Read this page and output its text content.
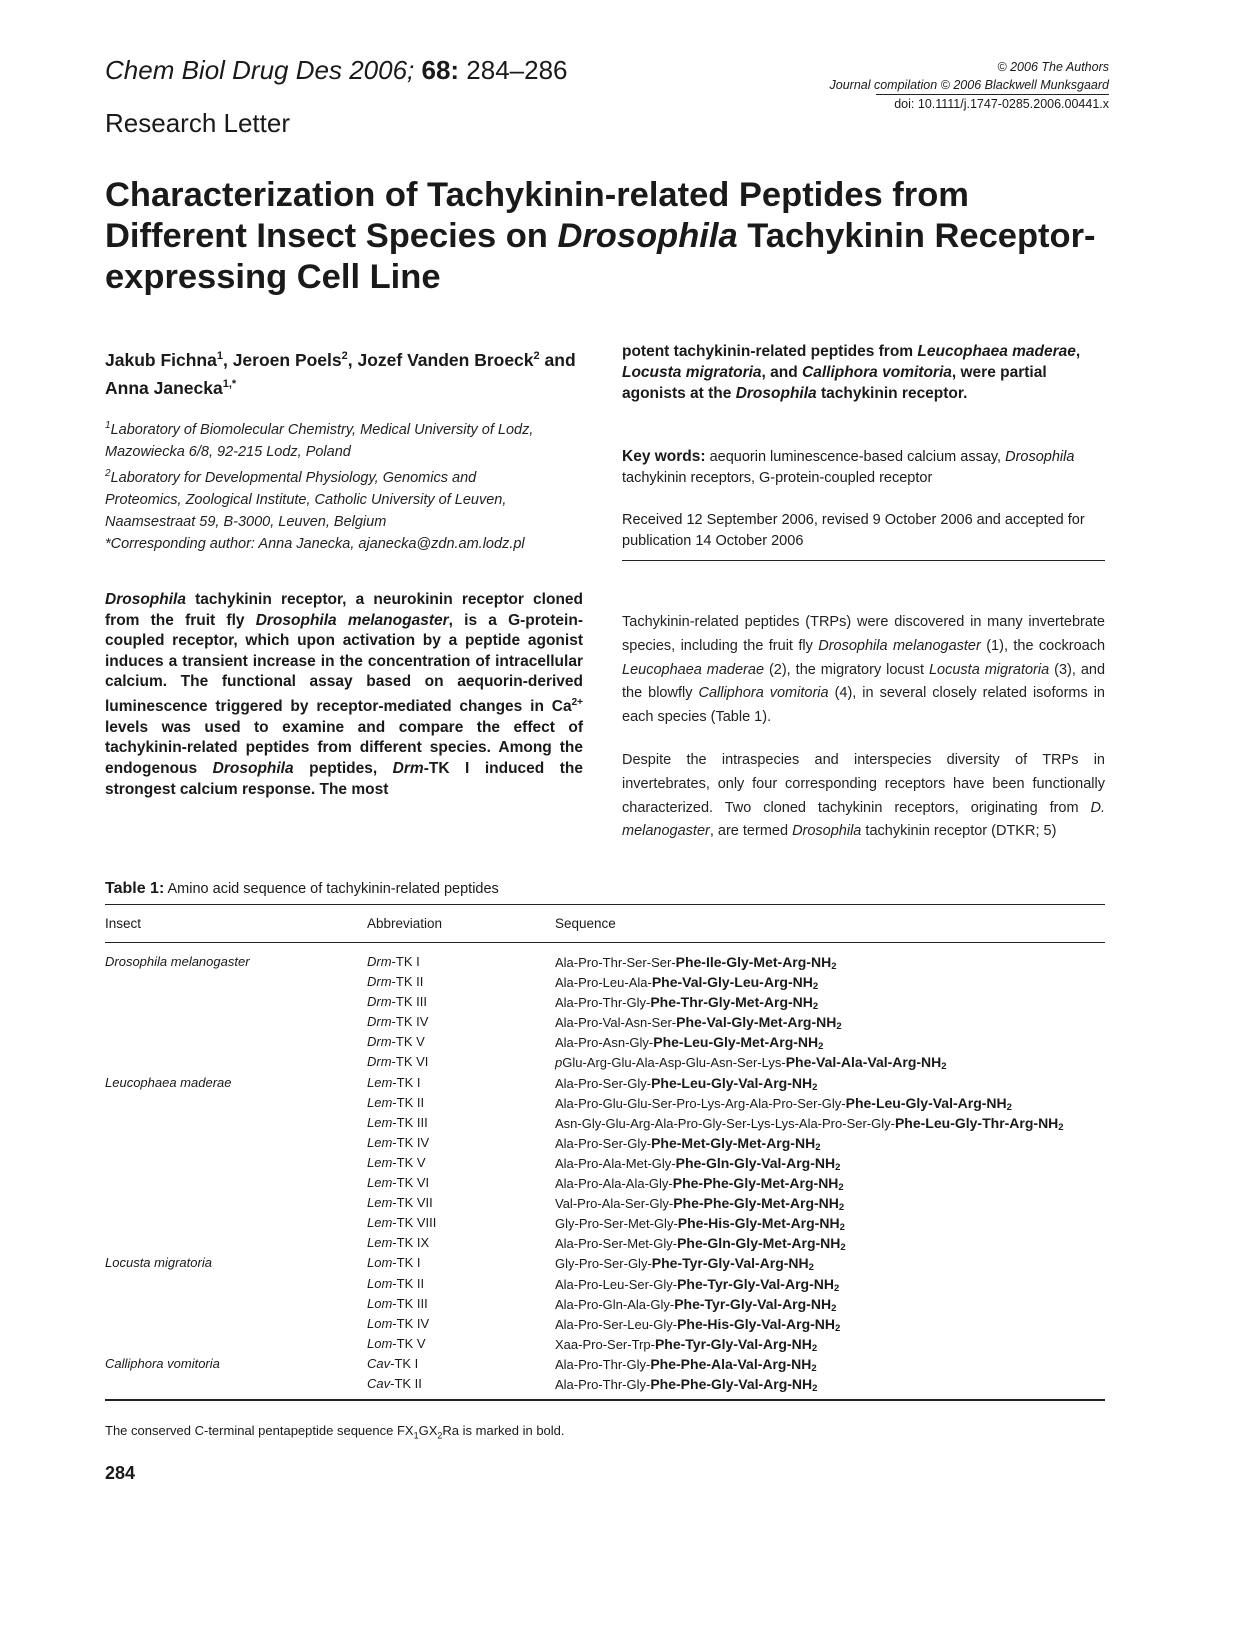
Chem Biol Drug Des 2006; 68: 284–286
Research Letter
© 2006 The Authors
Journal compilation © 2006 Blackwell Munksgaard
doi: 10.1111/j.1747-0285.2006.00441.x
Characterization of Tachykinin-related Peptides from Different Insect Species on Drosophila Tachykinin Receptor-expressing Cell Line
Jakub Fichna$^1$, Jeroen Poels$^2$, Jozef Vanden Broeck$^2$ and Anna Janecka$^{1,*}$
$^1$Laboratory of Biomolecular Chemistry, Medical University of Lodz,
Mazowiecka 6/8, 92-215 Lodz, Poland
$^2$Laboratory for Developmental Physiology, Genomics and
Proteomics, Zoological Institute, Catholic University of Leuven,
Naamsestraat 59, B-3000, Leuven, Belgium
*Corresponding author: Anna Janecka, ajanecka@zdn.am.lodz.pl
potent tachykinin-related peptides from Leucophaea maderae, Locusta migratoria, and Calliphora vomitoria, were partial agonists at the Drosophila tachykinin receptor.
Key words: aequorin luminescence-based calcium assay, Drosophila tachykinin receptors, G-protein-coupled receptor
Received 12 September 2006, revised 9 October 2006 and accepted for publication 14 October 2006
Drosophila tachykinin receptor, a neurokinin receptor cloned from the fruit fly Drosophila melanogaster, is a G-protein-coupled receptor, which upon activation by a peptide agonist induces a transient increase in the concentration of intracellular calcium. The functional assay based on aequorin-derived luminescence triggered by receptor-mediated changes in $Ca^{2+}$ levels was used to examine and compare the effect of tachykinin-related peptides from different species. Among the endogenous Drosophila peptides, Drm-TK I induced the strongest calcium response. The most

Tachykinin-related peptides (TRPs) were discovered in many invertebrate species, including the fruit fly Drosophila melanogaster (1), the cockroach Leucophaea maderae (2), the migratory locust Locusta migratoria (3), and the blowfly Calliphora vomitoria (4), in several closely related isoforms in each species (Table 1).

Despite the intraspecies and interspecies diversity of TRPs in invertebrates, only four corresponding receptors have been functionally characterized. Two cloned tachykinin receptors, originating from D. melanogaster, are termed Drosophila tachykinin receptor (DTKR; 5)

Table 1: Amino acid sequence of tachykinin-related peptides
Insect	Abbreviation	Sequence
Drosophila melanogaster	Drm-TK I	Ala-$Pro-Thr-Ser-Ser-Phe-Ile-Gly-Met-Arg-NH_2$
Drm-TK II	Ala-$Pro-Leu-Ala-Phe-Val-Gly-Leu-Arg-NH_2$
Drm-TK III	Ala-$Pro-Thr-Gly-Phe-Thr-Gly-Met-Arg-NH_2$
Drm-TK IV	Ala-$Pro-Val-Asn-Ser-Phe-Val-Gly-Met-Arg-NH_2$
Drm-TK V	Ala-$Pro-Asn-Gly-Phe-Leu-Gly-Met-Arg-NH_2$
Drm-TK VI	pGlu-$Arg-Glu-Ala-Asp-Glu-Asn-Ser-Lys-Phe-Val-Ala-Val-Arg-NH_2$
Leucophaea maderae	Lem-TK I	Ala-$Pro-Ser-Gly-Phe-Leu-Gly-Val-Arg-NH_2$
Lem-TK II	Ala-$Pro-Glu-Glu-Ser-Pro-Lys-Arg-Ala-Pro-Ser-Gly-Phe-Leu-Gly-Val-Arg-NH_2$
Lem-TK III	Asn-$Gly-Glu-Arg-Ala-Pro-Gly-Ser-Lys-Lys-Ala-Pro-Ser-Gly-Phe-Leu-Gly-Thr-Arg-NH_2$
Lem-TK IV	Ala-$Pro-Ser-Gly-Phe-Met-Gly-Met-Arg-NH_2$
Lem-TK V	Ala-$Pro-Ala-Met-Gly-Phe-Gln-Gly-Val-Arg-NH_2$
Lem-TK VI	Ala-$Pro-Ala-Ala-Gly-Phe-Phe-Gly-Met-Arg-NH_2$
Lem-TK VII	Val-$Pro-Ala-Ser-Gly-Phe-Phe-Gly-Met-Arg-NH_2$
Lem-TK VIII	Gly-$Pro-Ser-Met-Gly-Phe-His-Gly-Met-Arg-NH_2$
Lem-TK IX	Ala-$Pro-Ser-Met-Gly-Phe-Gln-Gly-Met-Arg-NH_2$
Locusta migratoria	Lom-TK I	Gly-$Pro-Ser-Gly-Phe-Tyr-Gly-Val-Arg-NH_2$
Lom-TK II	Ala-$Pro-Leu-Ser-Gly-Phe-Tyr-Gly-Val-Arg-NH_2$
Lom-TK III	Ala-$Pro-Gln-Ala-Gly-Phe-Tyr-Gly-Val-Arg-NH_2$
Lom-TK IV	Ala-$Pro-Ser-Leu-Gly-Phe-His-Gly-Val-Arg-NH_2$
Lom-TK V	Xaa-$Pro-Ser-Trp-Phe-Tyr-Gly-Val-Arg-NH_2$
Calliphora vomitoria	Cav-TK I	Ala-$Pro-Thr-Gly-Phe-Phe-Ala-Val-Arg-NH_2$
Cav-TK II	Ala-$Pro-Thr-Gly-Phe-Phe-Gly-Val-Arg-NH_2$
The conserved C-terminal pentapeptide sequence $FX_1GX_2Ra$ is marked in bold.
284
